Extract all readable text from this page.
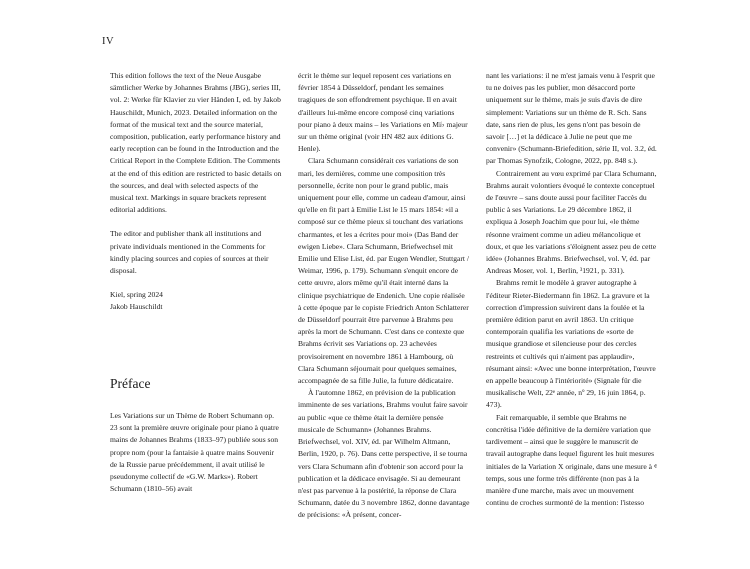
IV

This edition follows the text of the Neue Ausgabe sämtlicher Werke by Johannes Brahms (JBG), series III, vol. 2: Werke für Klavier zu vier Händen I, ed. by Jakob Hauschildt, Munich, 2023. Detailed information on the format of the musical text and the source material, composition, publication, early performance history and early reception can be found in the Introduction and the Critical Report in the Complete Edition. The Comments at the end of this edition are restricted to basic details on the sources, and deal with selected aspects of the musical text. Markings in square brackets represent editorial additions.

The editor and publisher thank all institutions and private individuals mentioned in the Comments for kindly placing sources and copies of sources at their disposal.

Kiel, spring 2024

Jakob Hauschildt

Préface

Les Variations sur un Thème de Robert Schumann op. 23 sont la première œuvre originale pour piano à quatre mains de Johannes Brahms (1833–97) publiée sous son propre nom (pour la fantaisie à quatre mains Souvenir de la Russie parue précédemment, il avait utilisé le pseudonyme collectif de «G.W. Marks»). Robert Schumann (1810–56) avait

écrit le thème sur lequel reposent ces variations en février 1854 à Düsseldorf, pendant les semaines tragiques de son effondrement psychique. Il en avait d'ailleurs lui-même encore composé cinq variations pour piano à deux mains – les Variations en Mi♭ majeur sur un thème original (voir HN 482 aux éditions G. Henle).

Clara Schumann considérait ces variations de son mari, les dernières, comme une composition très personnelle, écrite non pour le grand public, mais uniquement pour elle, comme un cadeau d'amour, ainsi qu'elle en fit part à Emilie List le 15 mars 1854: «il a composé sur ce thème pieux si touchant des variations charmantes, et les a écrites pour moi» (Das Band der ewigen Liebe». Clara Schumann, Briefwechsel mit Emilie und Elise List, éd. par Eugen Wendler, Stuttgart / Weimar, 1996, p. 179). Schumann s'enquit encore de cette œuvre, alors même qu'il était interné dans la clinique psychiatrique de Endenich. Une copie réalisée à cette époque par le copiste Friedrich Anton Schlatterer de Düsseldorf pourrait être parvenue à Brahms peu après la mort de Schumann. C'est dans ce contexte que Brahms écrivit ses Variations op. 23 achevées provisoirement en novembre 1861 à Hambourg, où Clara Schumann séjournait pour quelques semaines, accompagnée de sa fille Julie, la future dédicataire.

À l'automne 1862, en prévision de la publication imminente de ses variations, Brahms voulut faire savoir au public «que ce thème était la dernière pensée musicale de Schumann» (Johannes Brahms. Briefwechsel, vol. XIV, éd. par Wilhelm Altmann, Berlin, 1920, p. 76). Dans cette perspective, il se tourna vers Clara Schumann afin d'obtenir son accord pour la publication et la dédicace envisagée. Si au demeurant n'est pas parvenue à la postérité, la réponse de Clara Schumann, datée du 3 novembre 1862, donne davantage de précisions: «À présent, concer-

nant les variations: il ne m'est jamais venu à l'esprit que tu ne doives pas les publier, mon désaccord porte uniquement sur le thème, mais je suis d'avis de dire simplement: Variations sur un thème de R. Sch. Sans date, sans rien de plus, les gens n'ont pas besoin de savoir […] et la dédicace à Julie ne peut que me convenir» (Schumann-Briefedition, série II, vol. 3.2, éd. par Thomas Synofzik, Cologne, 2022, pp. 848 s.).

Contrairement au vœu exprimé par Clara Schumann, Brahms aurait volontiers évoqué le contexte conceptuel de l'œuvre – sans doute aussi pour faciliter l'accès du public à ses Variations. Le 29 décembre 1862, il expliqua à Joseph Joachim que pour lui, «le thème résonne vraiment comme un adieu mélancolique et doux, et que les variations s'éloignent assez peu de cette idée» (Johannes Brahms. Briefwechsel, vol. V, éd. par Andreas Moser, vol. 1, Berlin, ³1921, p. 331).

Brahms remit le modèle à graver autographe à l'éditeur Rieter-Biedermann fin 1862. La gravure et la correction d'impression suivirent dans la foulée et la première édition parut en avril 1863. Un critique contemporain qualifia les variations de «sorte de musique grandiose et silencieuse pour des cercles restreints et cultivés qui n'aiment pas applaudir», résumant ainsi: «Avec une bonne interprétation, l'œuvre en appelle beaucoup à l'intériorité» (Signale für die musikalische Welt, 22ᵉ année, nº 29, 16 juin 1864, p. 473).

Fait remarquable, il semble que Brahms ne concrétisa l'idée définitive de la dernière variation que tardivement – ainsi que le suggère le manuscrit de travail autographe dans lequel figurent les huit mesures initiales de la Variation X originale, dans une mesure à 𝄴 temps, sous une forme très différente (non pas à la manière d'une marche, mais avec un mouvement continu de croches surmonté de la mention: l'istesso
